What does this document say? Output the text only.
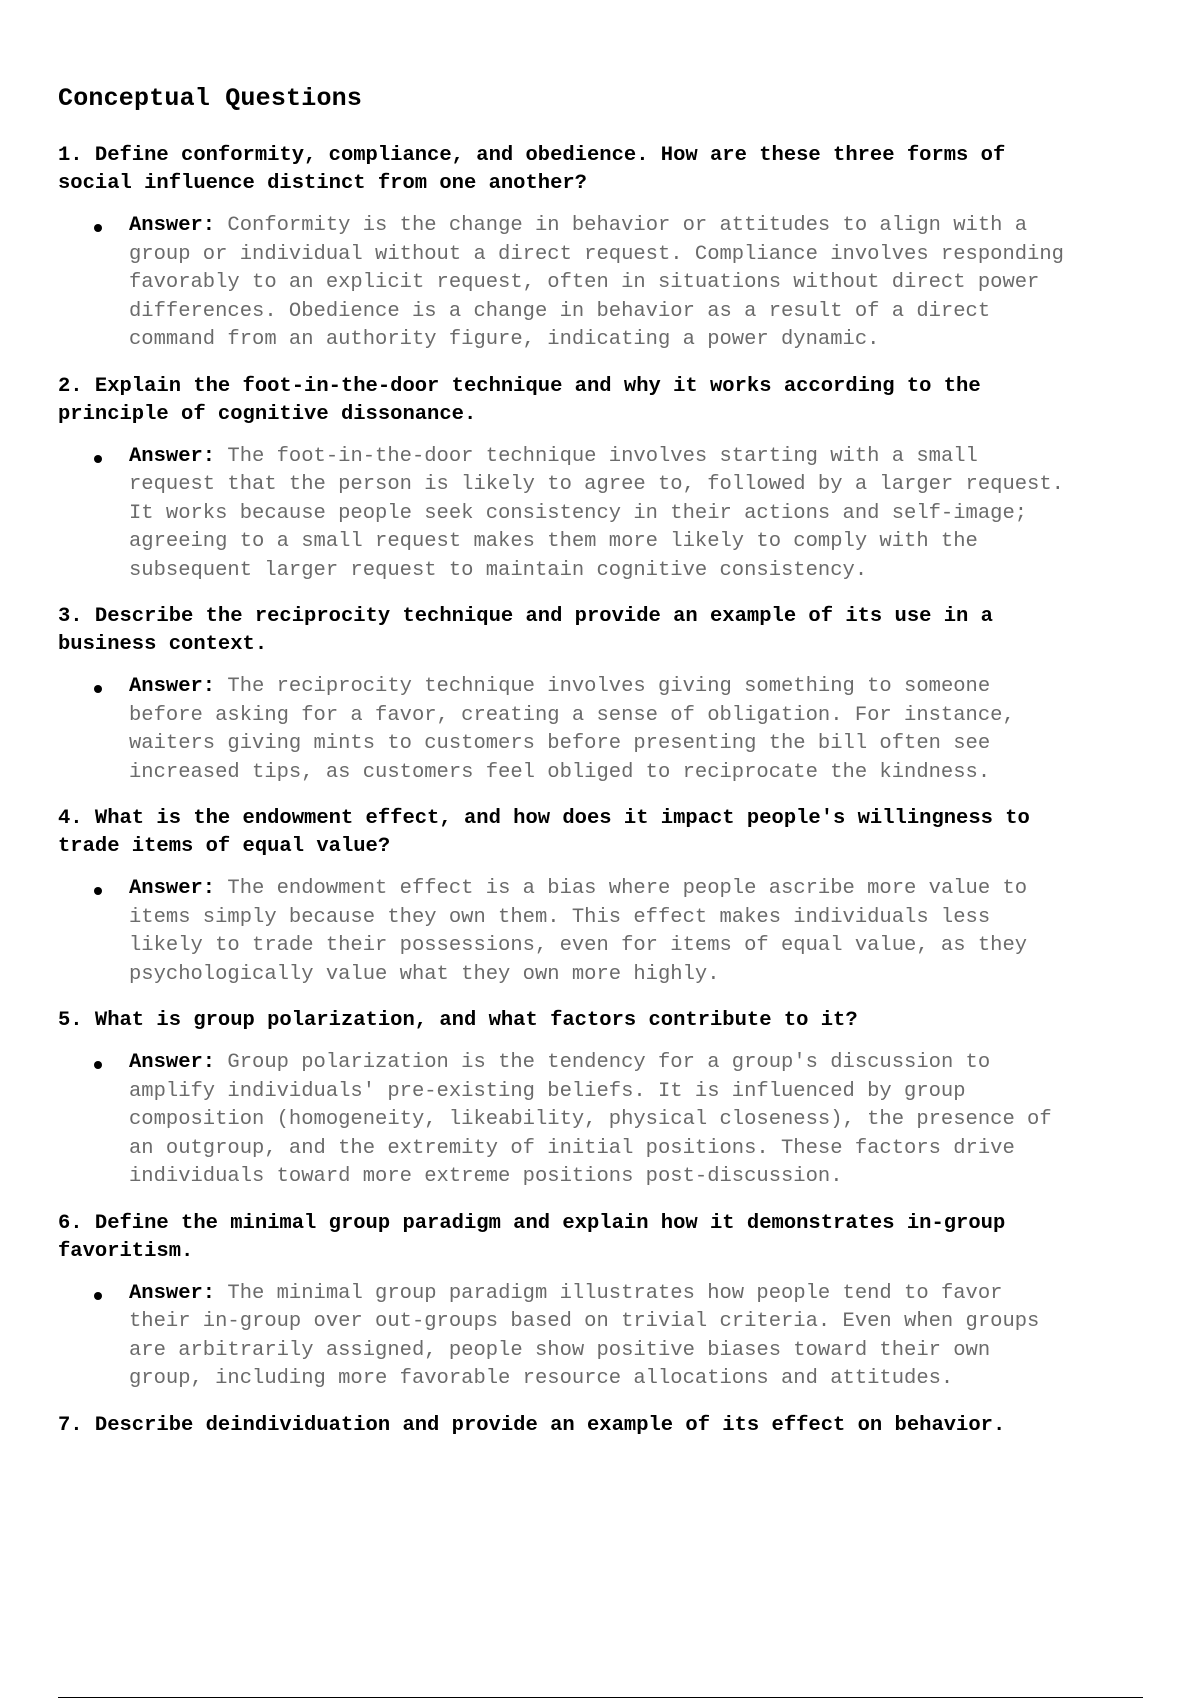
Conceptual Questions

1. Define conformity, compliance, and obedience. How are these three forms of
social influence distinct from one another?

Answer: Conformity is the change in behavior or attitudes to align with a
group or individual without a direct request. Compliance involves responding
favorably to an explicit request, often in situations without direct power
differences. Obedience is a change in behavior as a result of a direct
command from an authority figure, indicating a power dynamic.

2. Explain the foot-in-the-door technique and why it works according to the
principle of cognitive dissonance.

Answer: The foot-in-the-door technique involves starting with a small
request that the person is likely to agree to, followed by a larger request.
It works because people seek consistency in their actions and self-image;
agreeing to a small request makes them more likely to comply with the
subsequent larger request to maintain cognitive consistency.

3. Describe the reciprocity technique and provide an example of its use in a
business context.

Answer: The reciprocity technique involves giving something to someone
before asking for a favor, creating a sense of obligation. For instance,
waiters giving mints to customers before presenting the bill often see
increased tips, as customers feel obliged to reciprocate the kindness.

4. What is the endowment effect, and how does it impact people's willingness to
trade items of equal value?

Answer: The endowment effect is a bias where people ascribe more value to
items simply because they own them. This effect makes individuals less
likely to trade their possessions, even for items of equal value, as they
psychologically value what they own more highly.

5. What is group polarization, and what factors contribute to it?

Answer: Group polarization is the tendency for a group's discussion to
amplify individuals' pre-existing beliefs. It is influenced by group
composition (homogeneity, likeability, physical closeness), the presence of
an outgroup, and the extremity of initial positions. These factors drive
individuals toward more extreme positions post-discussion.

6. Define the minimal group paradigm and explain how it demonstrates in-group
favoritism.

Answer: The minimal group paradigm illustrates how people tend to favor
their in-group over out-groups based on trivial criteria. Even when groups
are arbitrarily assigned, people show positive biases toward their own
group, including more favorable resource allocations and attitudes.

7. Describe deindividuation and provide an example of its effect on behavior.
